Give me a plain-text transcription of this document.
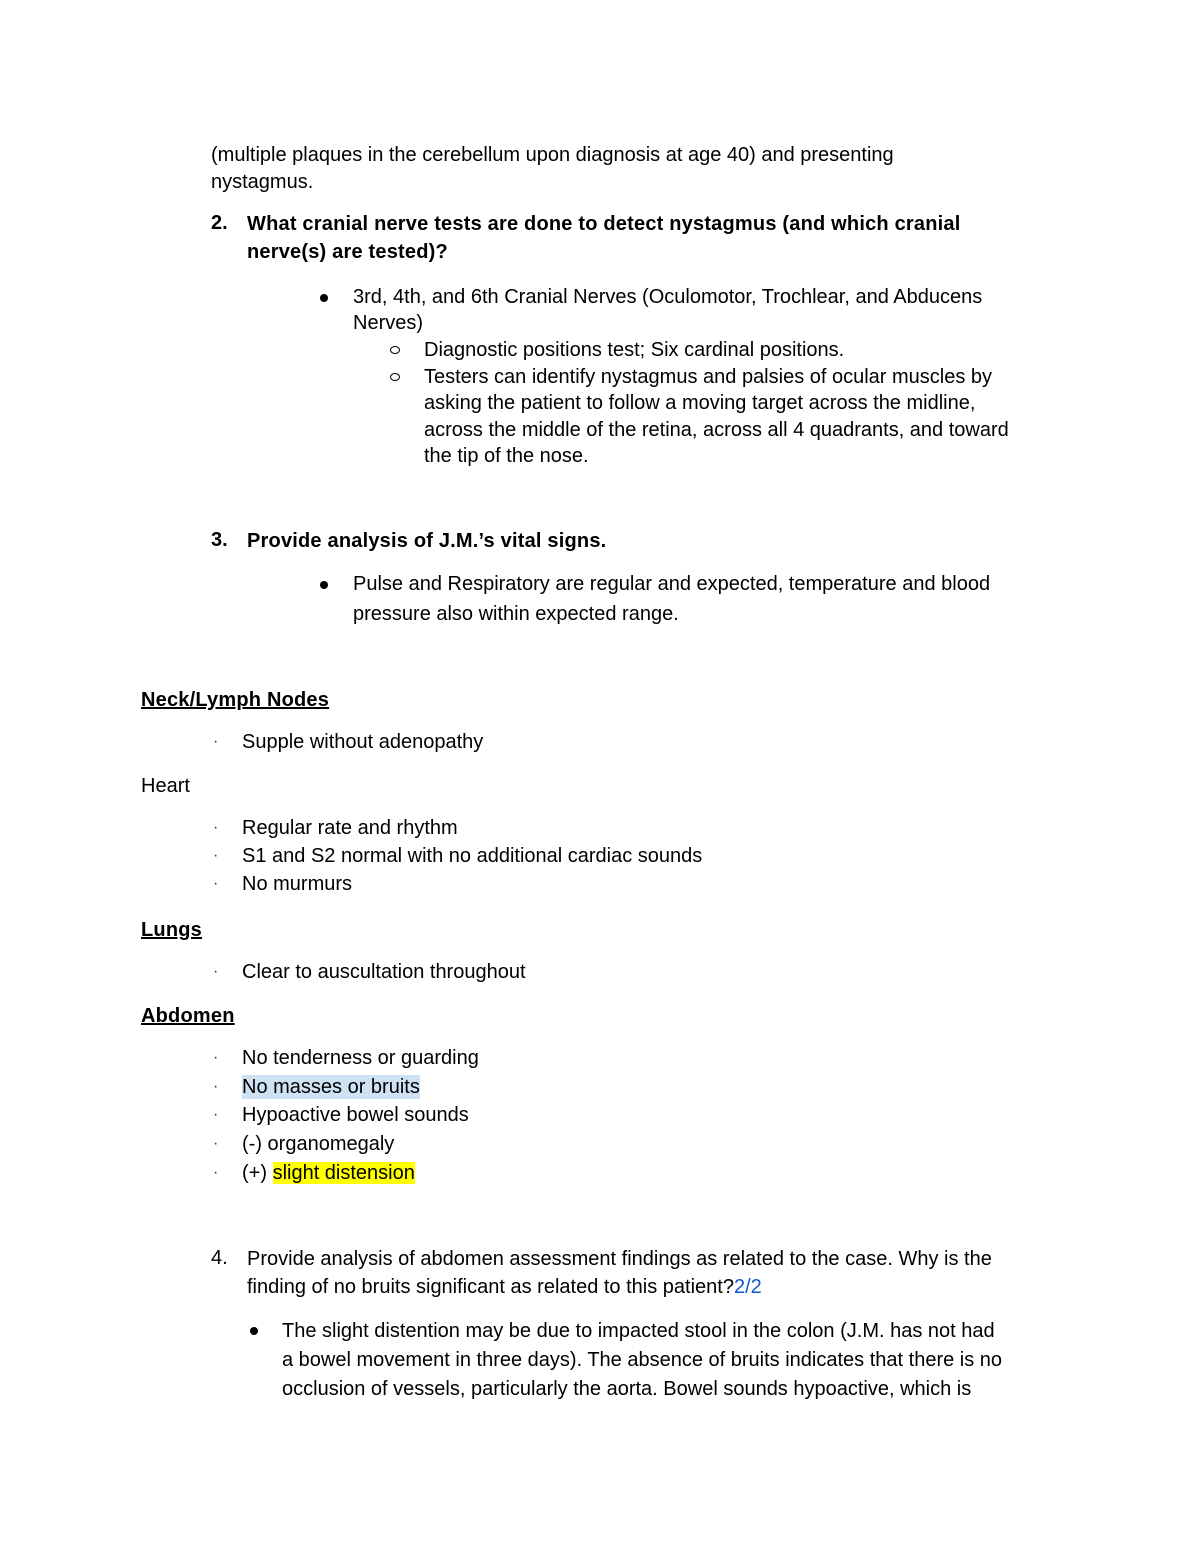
(multiple plaques in the cerebellum upon diagnosis at age 40) and presenting
nystagmus.
2. What cranial nerve tests are done to detect nystagmus (and which cranial
nerve(s) are tested)?
3rd, 4th, and 6th Cranial Nerves (Oculomotor, Trochlear, and Abducens
Nerves)
Diagnostic positions test; Six cardinal positions.
Testers can identify nystagmus and palsies of ocular muscles by
asking the patient to follow a moving target across the midline,
across the middle of the retina, across all 4 quadrants, and toward
the tip of the nose.
3. Provide analysis of J.M.’s vital signs.
Pulse and Respiratory are regular and expected, temperature and blood
pressure also within expected range.
Neck/Lymph Nodes
· Supple without adenopathy
Heart
· Regular rate and rhythm
· S1 and S2 normal with no additional cardiac sounds
· No murmurs
Lungs
· Clear to auscultation throughout
Abdomen
· No tenderness or guarding
· No masses or bruits
· Hypoactive bowel sounds
· (-) organomegaly
· (+) slight distension
4. Provide analysis of abdomen assessment findings as related to the case. Why is the
finding of no bruits significant as related to this patient?2/2
The slight distention may be due to impacted stool in the colon (J.M. has not had
a bowel movement in three days). The absence of bruits indicates that there is no
occlusion of vessels, particularly the aorta. Bowel sounds hypoactive, which is
